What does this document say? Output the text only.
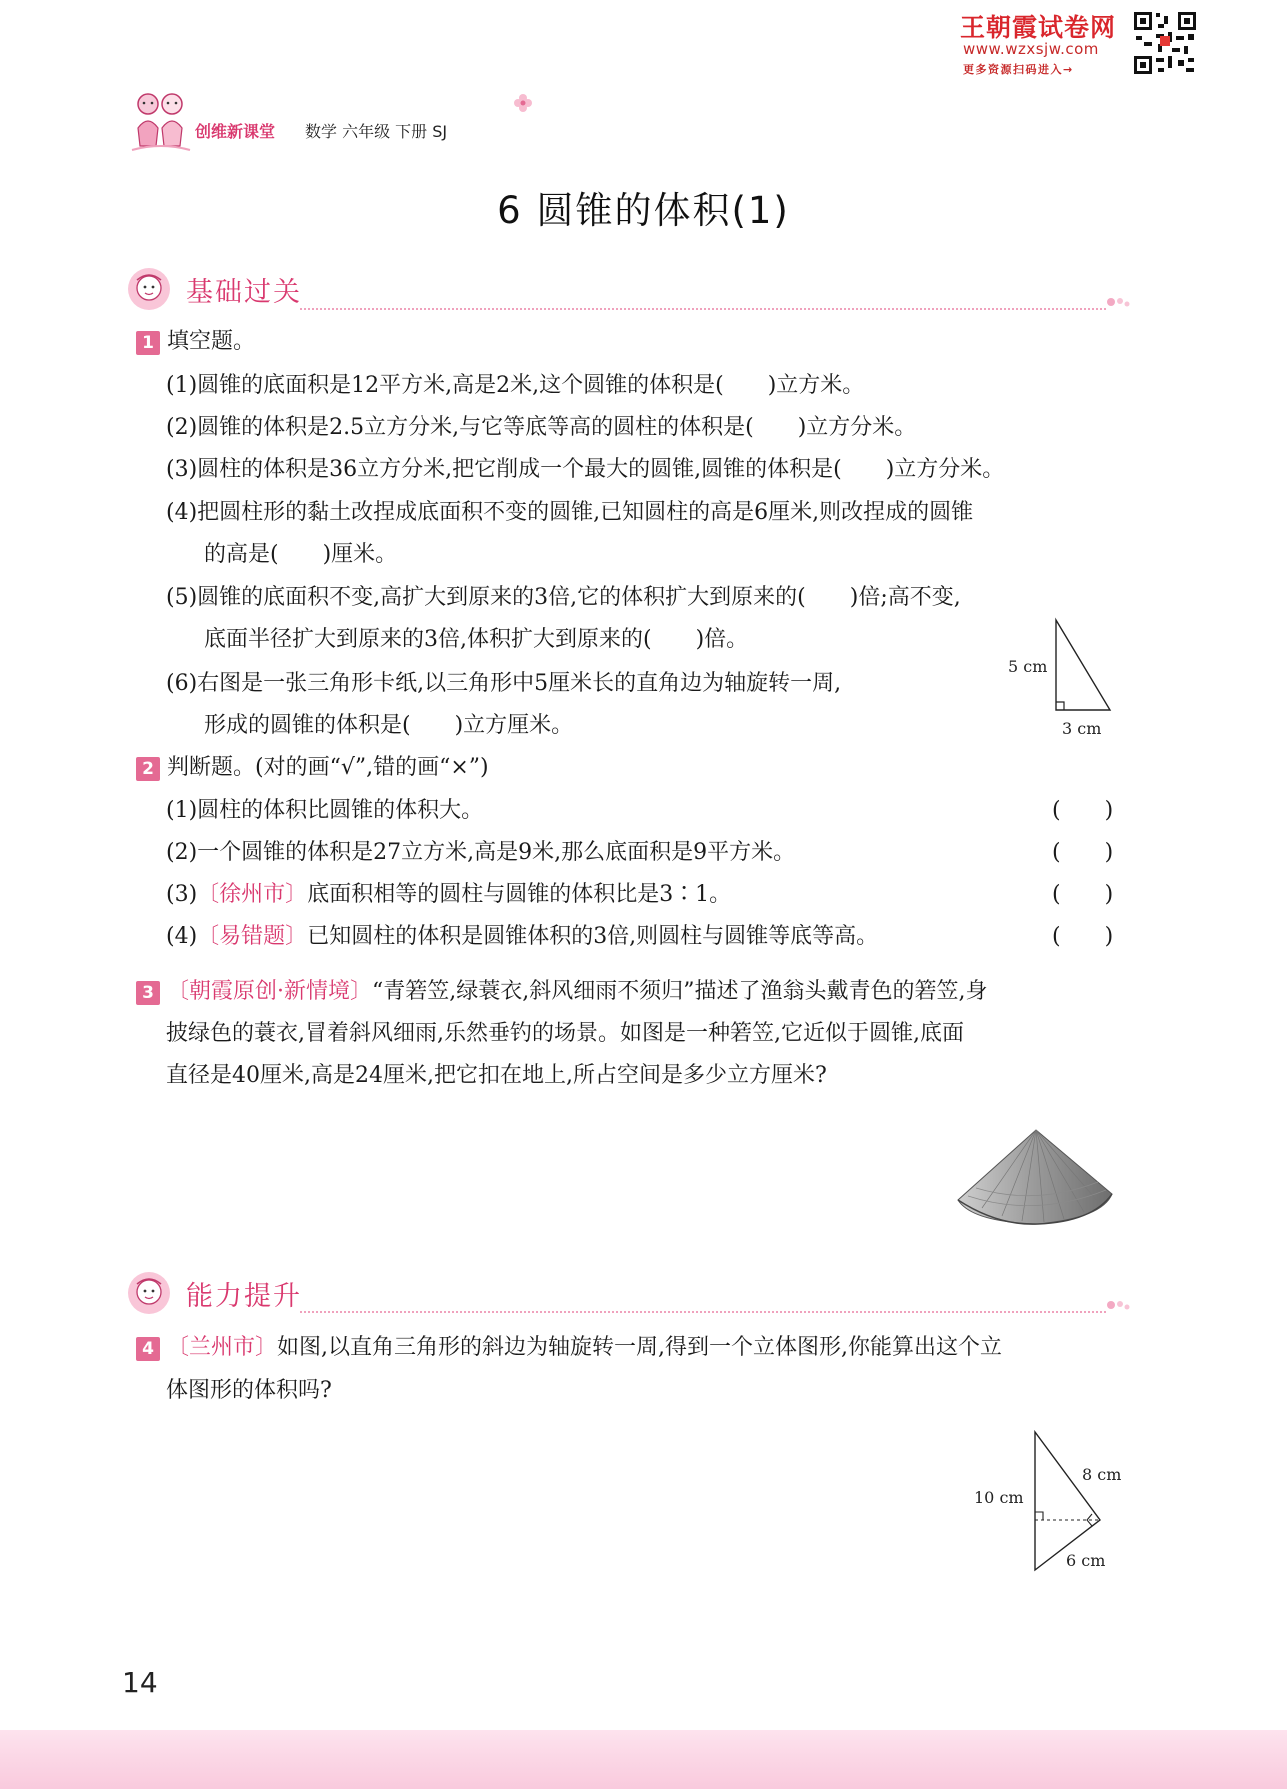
王朝霞试卷网
www.wzxsjw.com
更多资源扫码进入→
创维新课堂 数学 六年级 下册 SJ
6 圆锥的体积(1)
基础过关
1 填空题。
(1)圆锥的底面积是12平方米,高是2米,这个圆锥的体积是(　　)立方米。
(2)圆锥的体积是2.5立方分米,与它等底等高的圆柱的体积是(　　)立方分米。
(3)圆柱的体积是36立方分米,把它削成一个最大的圆锥,圆锥的体积是(　　)立方分米。
(4)把圆柱形的黏土改捏成底面积不变的圆锥,已知圆柱的高是6厘米,则改捏成的圆锥
的高是(　　)厘米。
(5)圆锥的底面积不变,高扩大到原来的3倍,它的体积扩大到原来的(　　)倍;高不变,
底面半径扩大到原来的3倍,体积扩大到原来的(　　)倍。
(6)右图是一张三角形卡纸,以三角形中5厘米长的直角边为轴旋转一周,
形成的圆锥的体积是(　　)立方厘米。
5 cm
3 cm
2 判断题。(对的画“√”,错的画“×”)
(1)圆柱的体积比圆锥的体积大。	(　　)
(2)一个圆锥的体积是27立方米,高是9米,那么底面积是9平方米。	(　　)
(3)〔徐州市〕底面积相等的圆柱与圆锥的体积比是3∶1。	(　　)
(4)〔易错题〕已知圆柱的体积是圆锥体积的3倍,则圆柱与圆锥等底等高。	(　　)
3 〔朝霞原创·新情境〕“青箬笠,绿蓑衣,斜风细雨不须归”描述了渔翁头戴青色的箬笠,身
披绿色的蓑衣,冒着斜风细雨,乐然垂钓的场景。如图是一种箬笠,它近似于圆锥,底面
直径是40厘米,高是24厘米,把它扣在地上,所占空间是多少立方厘米?
能力提升
4 〔兰州市〕如图,以直角三角形的斜边为轴旋转一周,得到一个立体图形,你能算出这个立
体图形的体积吗?
10 cm
8 cm
6 cm
14
